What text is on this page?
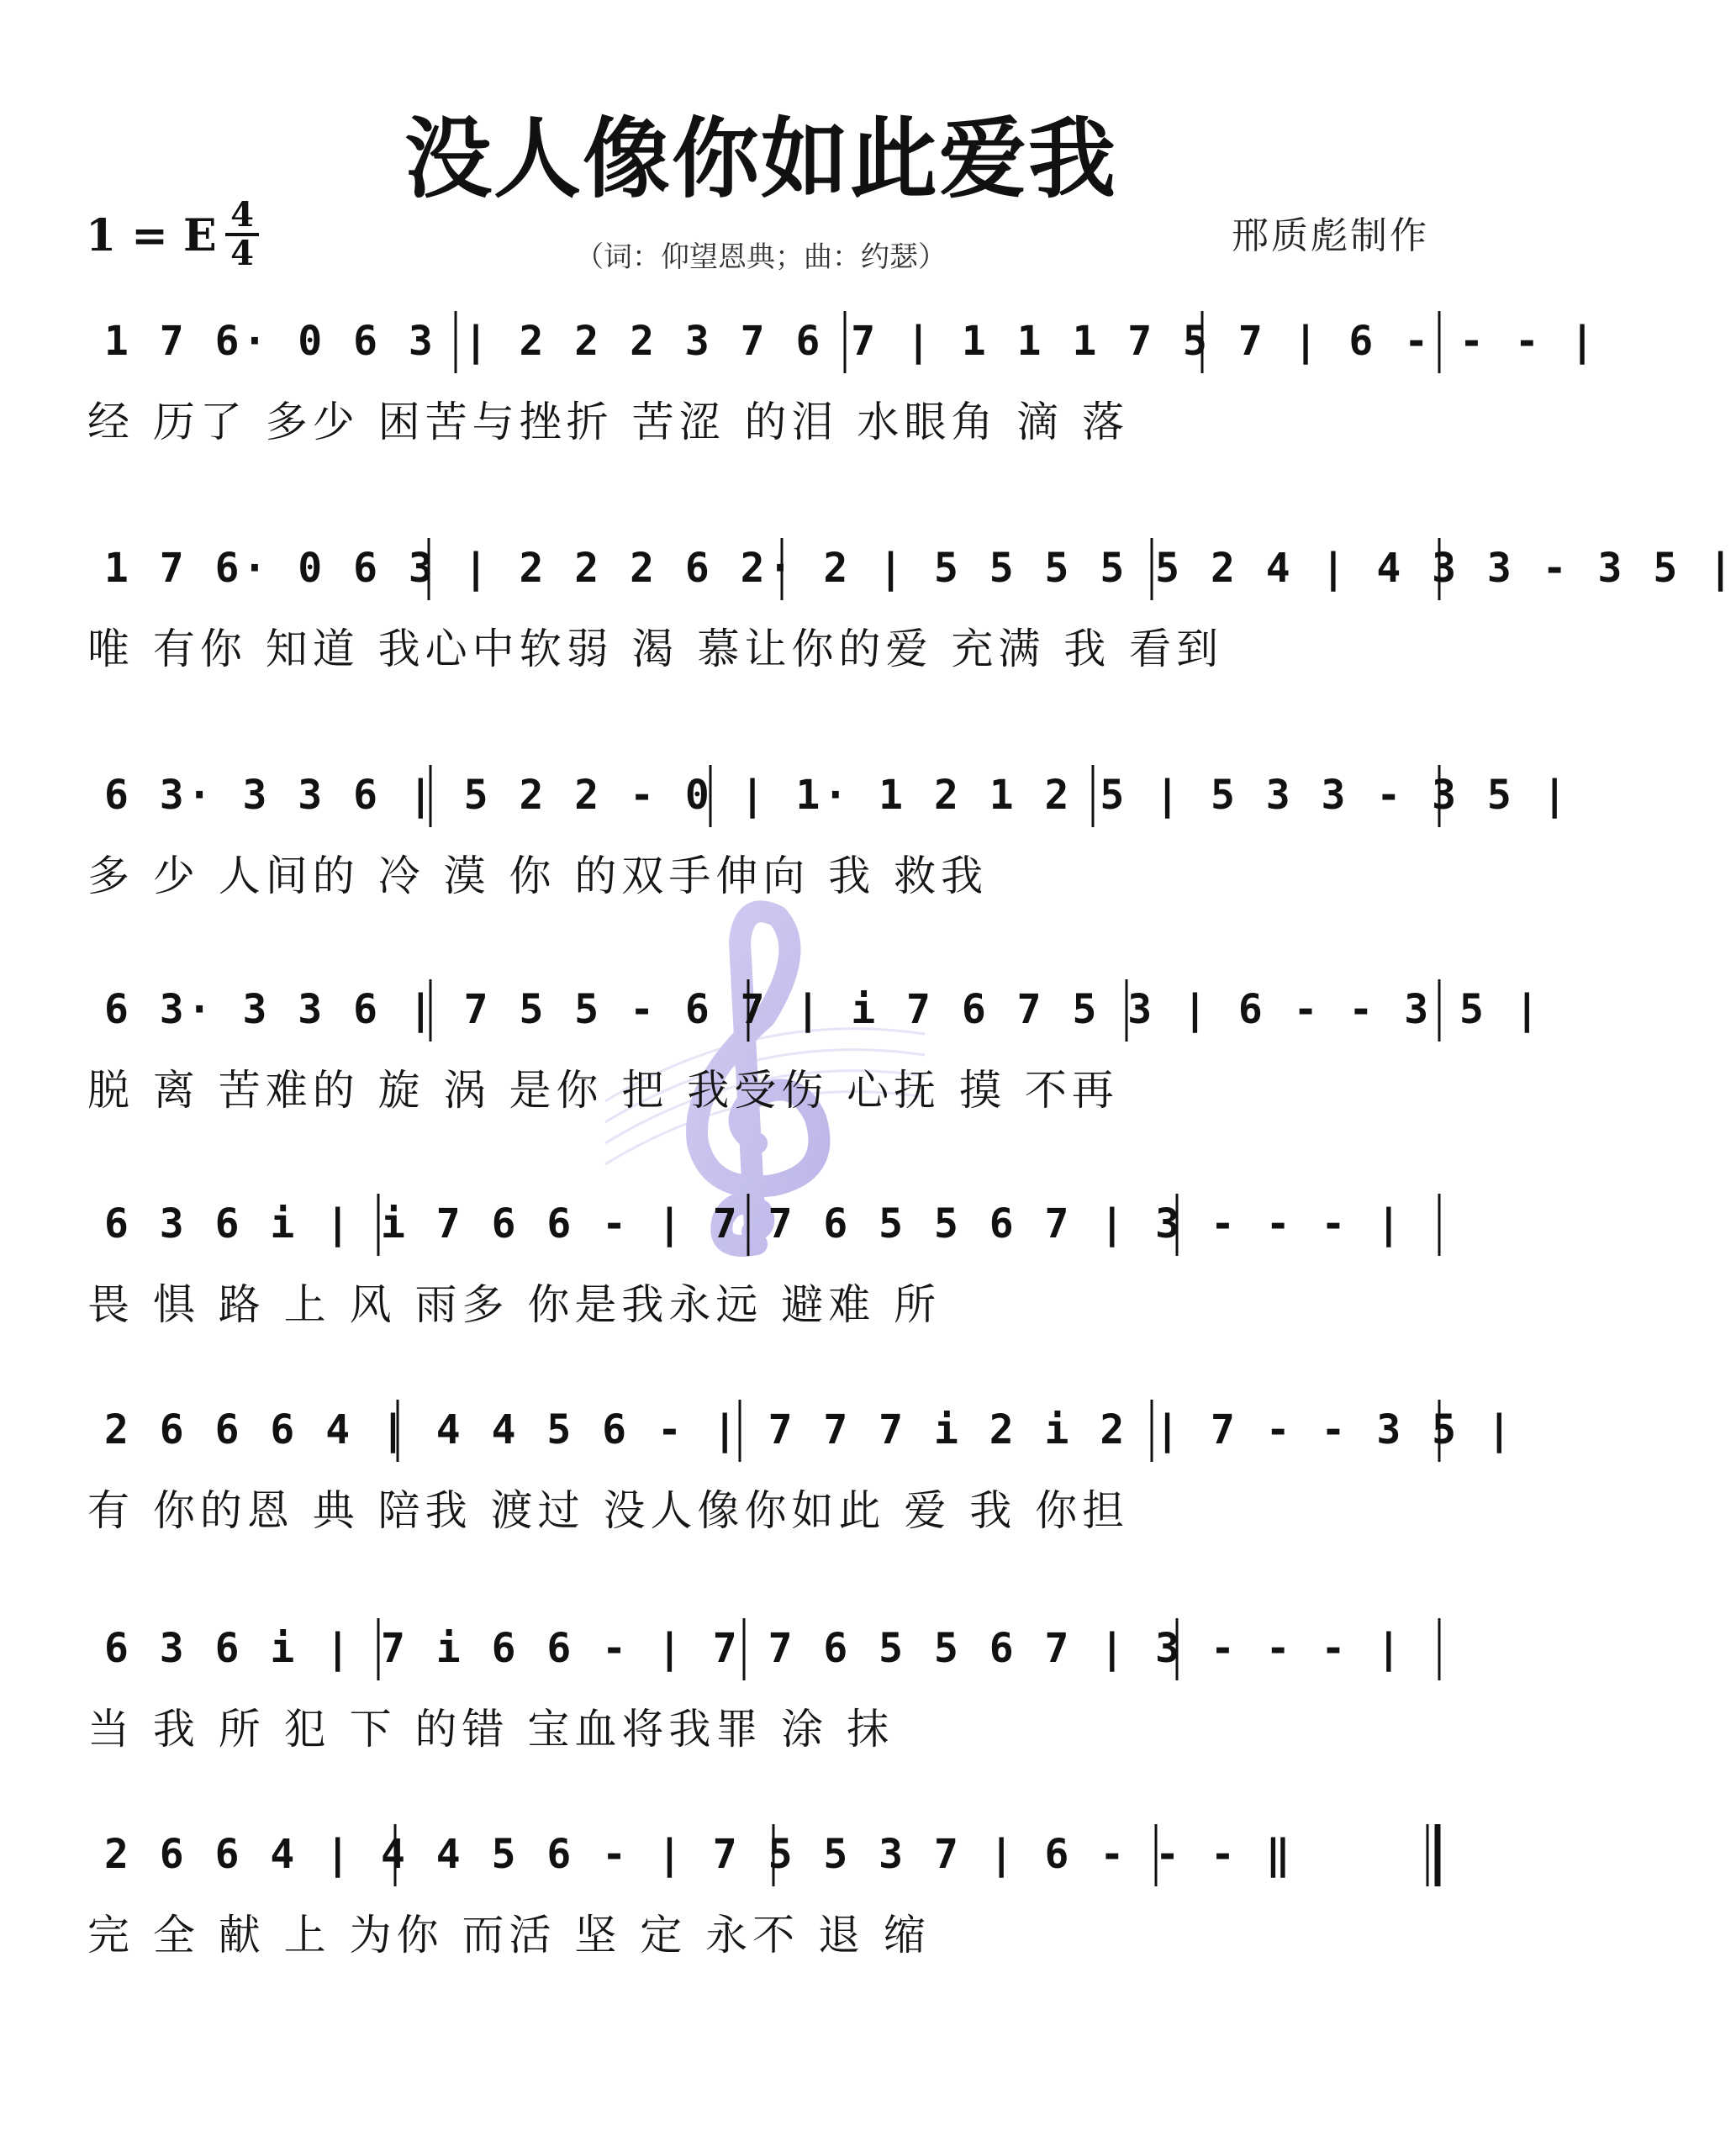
没人像你如此爱我
1 = E 4
4	（词：仰望恩典；曲：约瑟）	邢质彪制作
1 7 6· 0 6 3 | 2 2 2 3 7 6 7 | 1 1 1 7 5 7 | 6 - - - |
经 历了 多少 困苦与挫折 苦涩 的泪 水眼角 滴 落
1 7 6· 0 6 3 | 2 2 2 6 2· 2 | 5 5 5 5 5 2 4 | 4 3 3 - 3 5 |
唯 有你 知道 我心中软弱 渴 慕让你的爱 充满 我 看到
6 3· 3 3 6 | 5 2 2 - 0 | 1· 1 2 1 2 5 | 5 3 3 - 3 5 |
多 少 人间的 冷 漠 你 的双手伸向 我 救我
6 3· 3 3 6 | 7 5 5 - 6 7 | i 7 6 7 5 3 | 6 - - 3 5 |
脱 离 苦难的 旋 涡 是你 把 我受伤 心抚 摸 不再
6 3 6 i | i 7 6 6 - | 7 7 6 5 5 6 7 | 3 - - - |
畏 惧 路 上 风 雨多 你是我永远 避难 所
2 6 6 6 4 | 4 4 5 6 - | 7 7 7 i 2 i 2 | 7 - - 3 5 |
有 你的恩 典 陪我 渡过 没人像你如此 爱 我 你担
6 3 6 i | 7 i 6 6 - | 7 7 6 5 5 6 7 | 3 - - - |
当 我 所 犯 下 的错 宝血将我罪 涂 抹
2 6 6 4 | 4 4 5 6 - | 7 5 5 3 7 | 6 - - - ‖
完 全 献 上 为你 而活 坚 定 永不 退 缩
